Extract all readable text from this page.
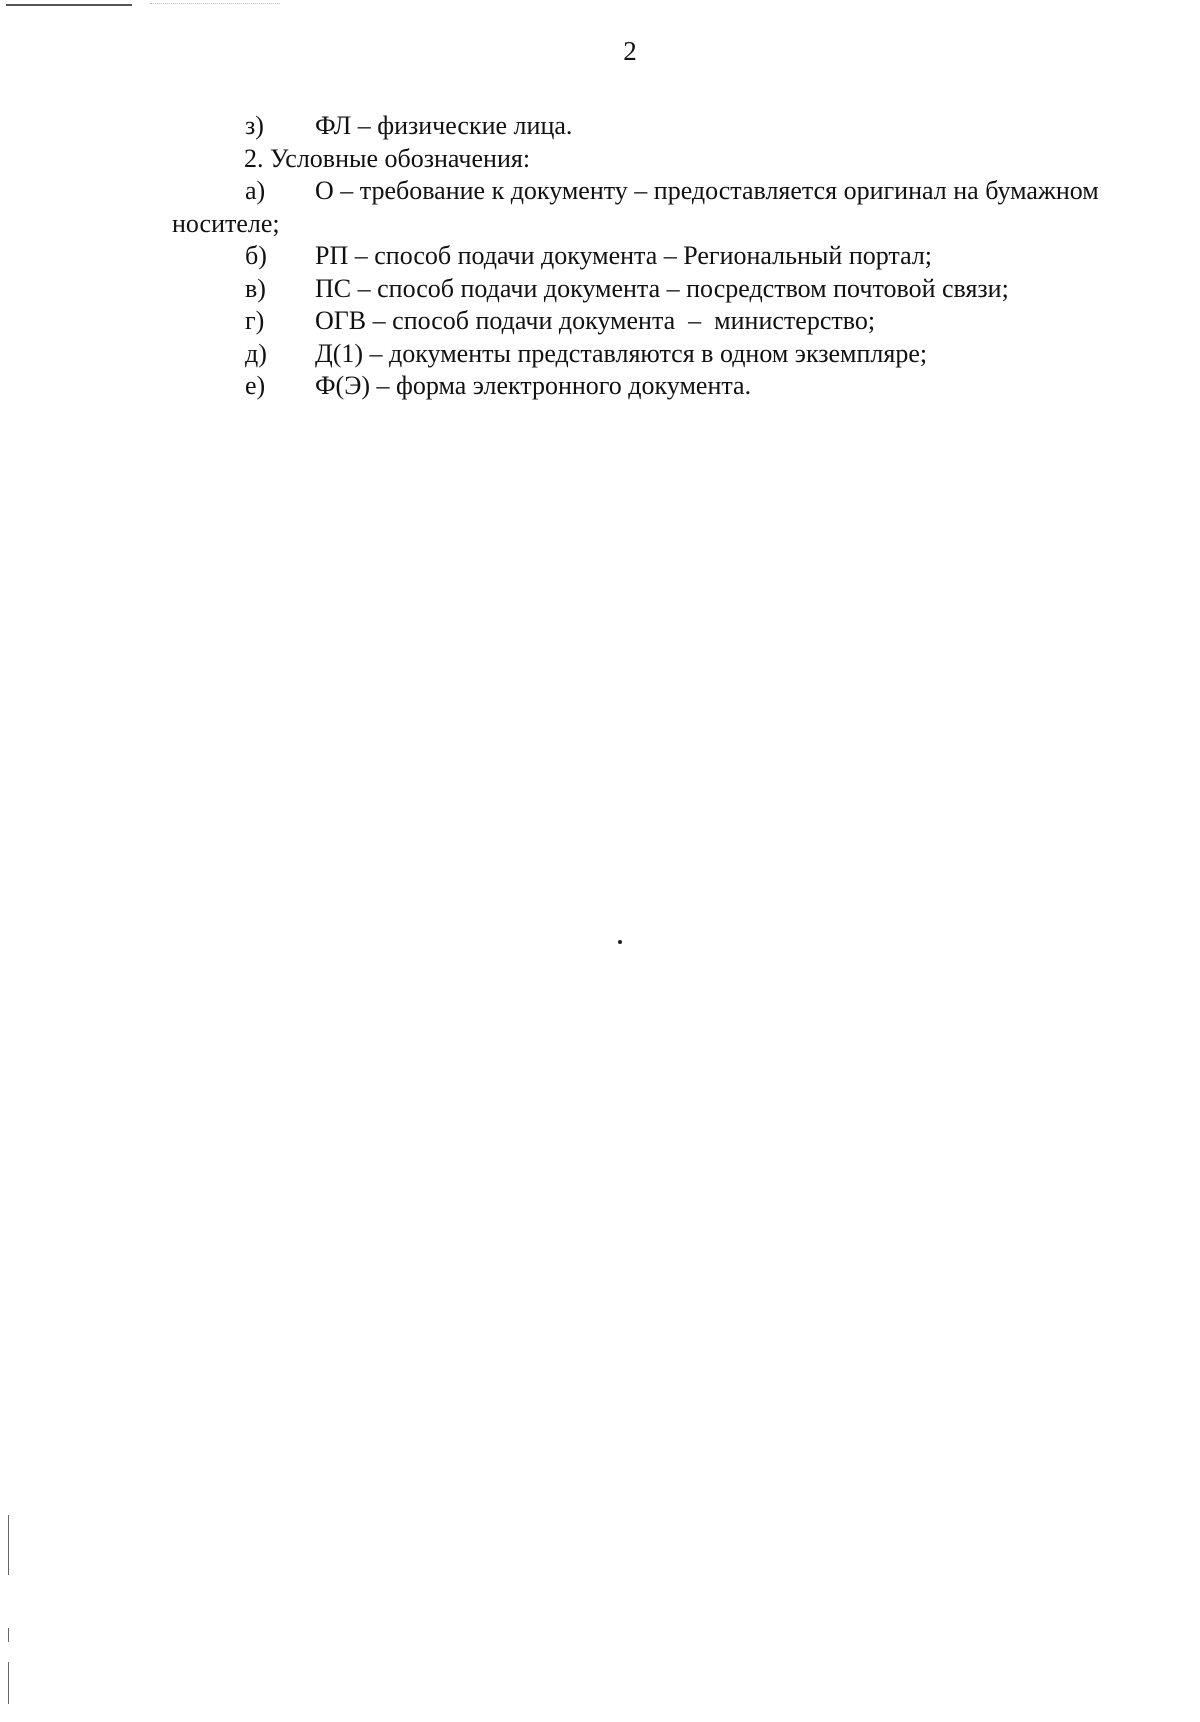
2
з) ФЛ – физические лица.
2. Условные обозначения:
а) О – требование к документу – предоставляется оригинал на бумажном
носителе;
б) РП – способ подачи документа – Региональный портал;
в) ПС – способ подачи документа – посредством почтовой связи;
г) ОГВ – способ подачи документа  –  министерство;
д) Д(1) – документы представляются в одном экземпляре;
е) Ф(Э) – форма электронного документа.
